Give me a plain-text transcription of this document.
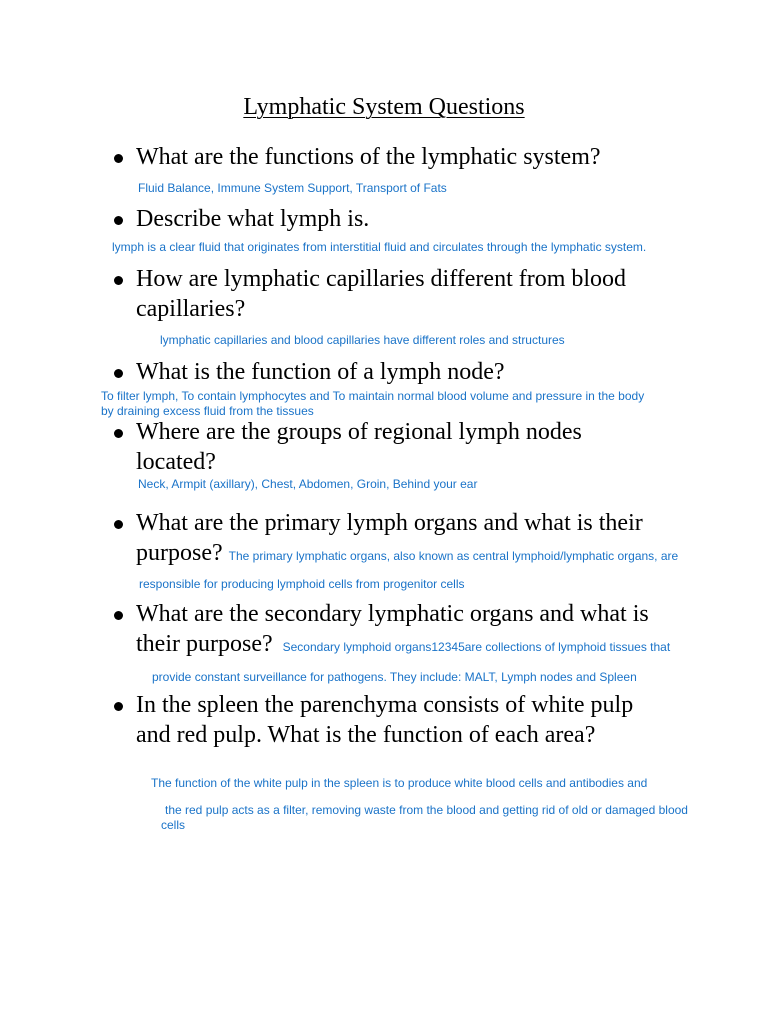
Lymphatic System Questions
What are the functions of the lymphatic system?
Fluid Balance, Immune System Support, Transport of Fats
Describe what lymph is.
lymph is a clear fluid that originates from interstitial fluid and circulates through the lymphatic system.
How are lymphatic capillaries different from blood
capillaries?
lymphatic capillaries and blood capillaries have different roles and structures
What is the function of a lymph node?
To filter lymph, To contain lymphocytes and To maintain normal blood volume and pressure in the body
by draining excess fluid from the tissues
Where are the groups of regional lymph nodes
located?
Neck, Armpit (axillary), Chest, Abdomen, Groin, Behind your ear
What are the primary lymph organs and what is their
purpose? The primary lymphatic organs, also known as central lymphoid/lymphatic organs, are
responsible for producing lymphoid cells from progenitor cells
What are the secondary lymphatic organs and what is
their purpose? Secondary lymphoid organs12345are collections of lymphoid tissues that
provide constant surveillance for pathogens. They include: MALT, Lymph nodes and Spleen
In the spleen the parenchyma consists of white pulp
and red pulp. What is the function of each area?
The function of the white pulp in the spleen is to produce white blood cells and antibodies and
the red pulp acts as a filter, removing waste from the blood and getting rid of old or damaged blood
cells
